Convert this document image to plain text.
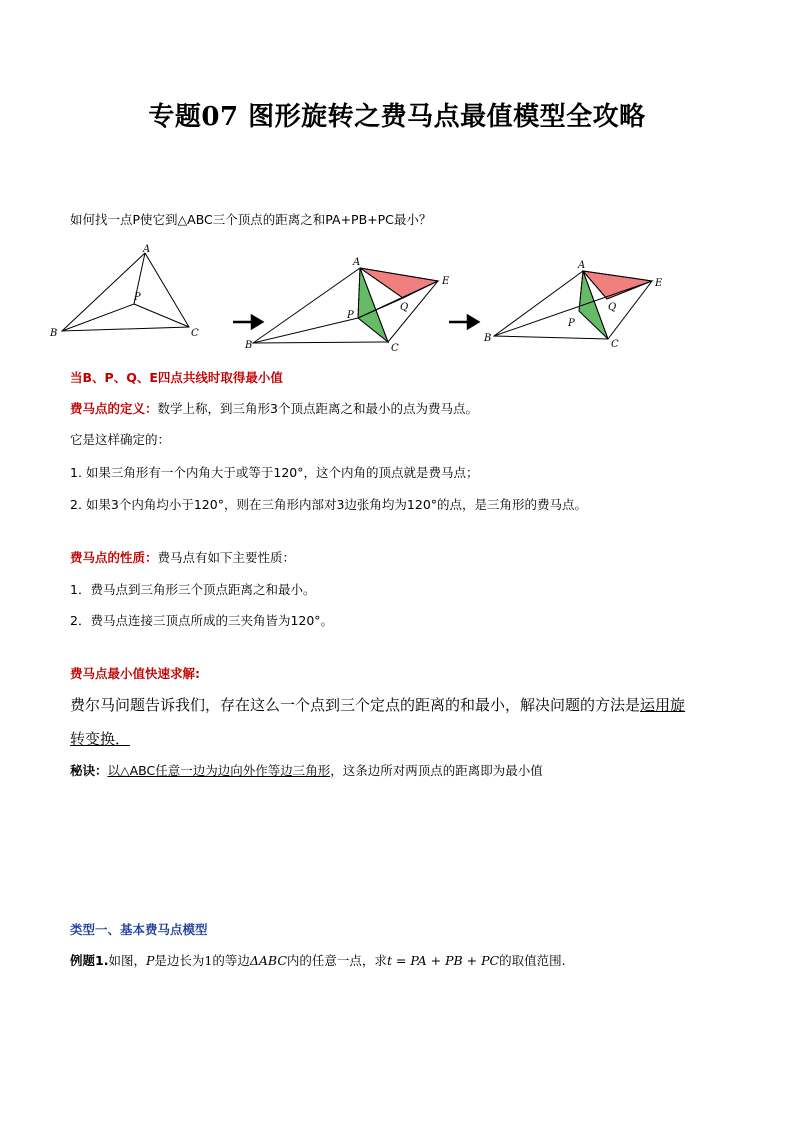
专题07 图形旋转之费马点最值模型全攻略
如何找一点P使它到△ABC三个顶点的距离之和PA+PB+PC最小？
A
B	C
P
A
B	C
P
Q
E
A
B
C
P
Q
E
当B、P、Q、E四点共线时取得最小值
费马点的定义：数学上称，到三角形3个顶点距离之和最小的点为费马点。
它是这样确定的：
1. 如果三角形有一个内角大于或等于120°，这个内角的顶点就是费马点；
2. 如果3个内角均小于120°，则在三角形内部对3边张角均为120°的点，是三角形的费马点。
费马点的性质：费马点有如下主要性质：
1．费马点到三角形三个顶点距离之和最小。
2．费马点连接三顶点所成的三夹角皆为120°。
费马点最小值快速求解:
费尔马问题告诉我们，存在这么一个点到三个定点的距离的和最小，解决问题的方法是运用旋
转变换．
秘诀：以△ABC任意一边为边向外作等边三角形，这条边所对两顶点的距离即为最小值
类型一、基本费马点模型
例题1.如图，P是边长为1的等边ΔABC内的任意一点，求t = PA + PB + PC的取值范围.
